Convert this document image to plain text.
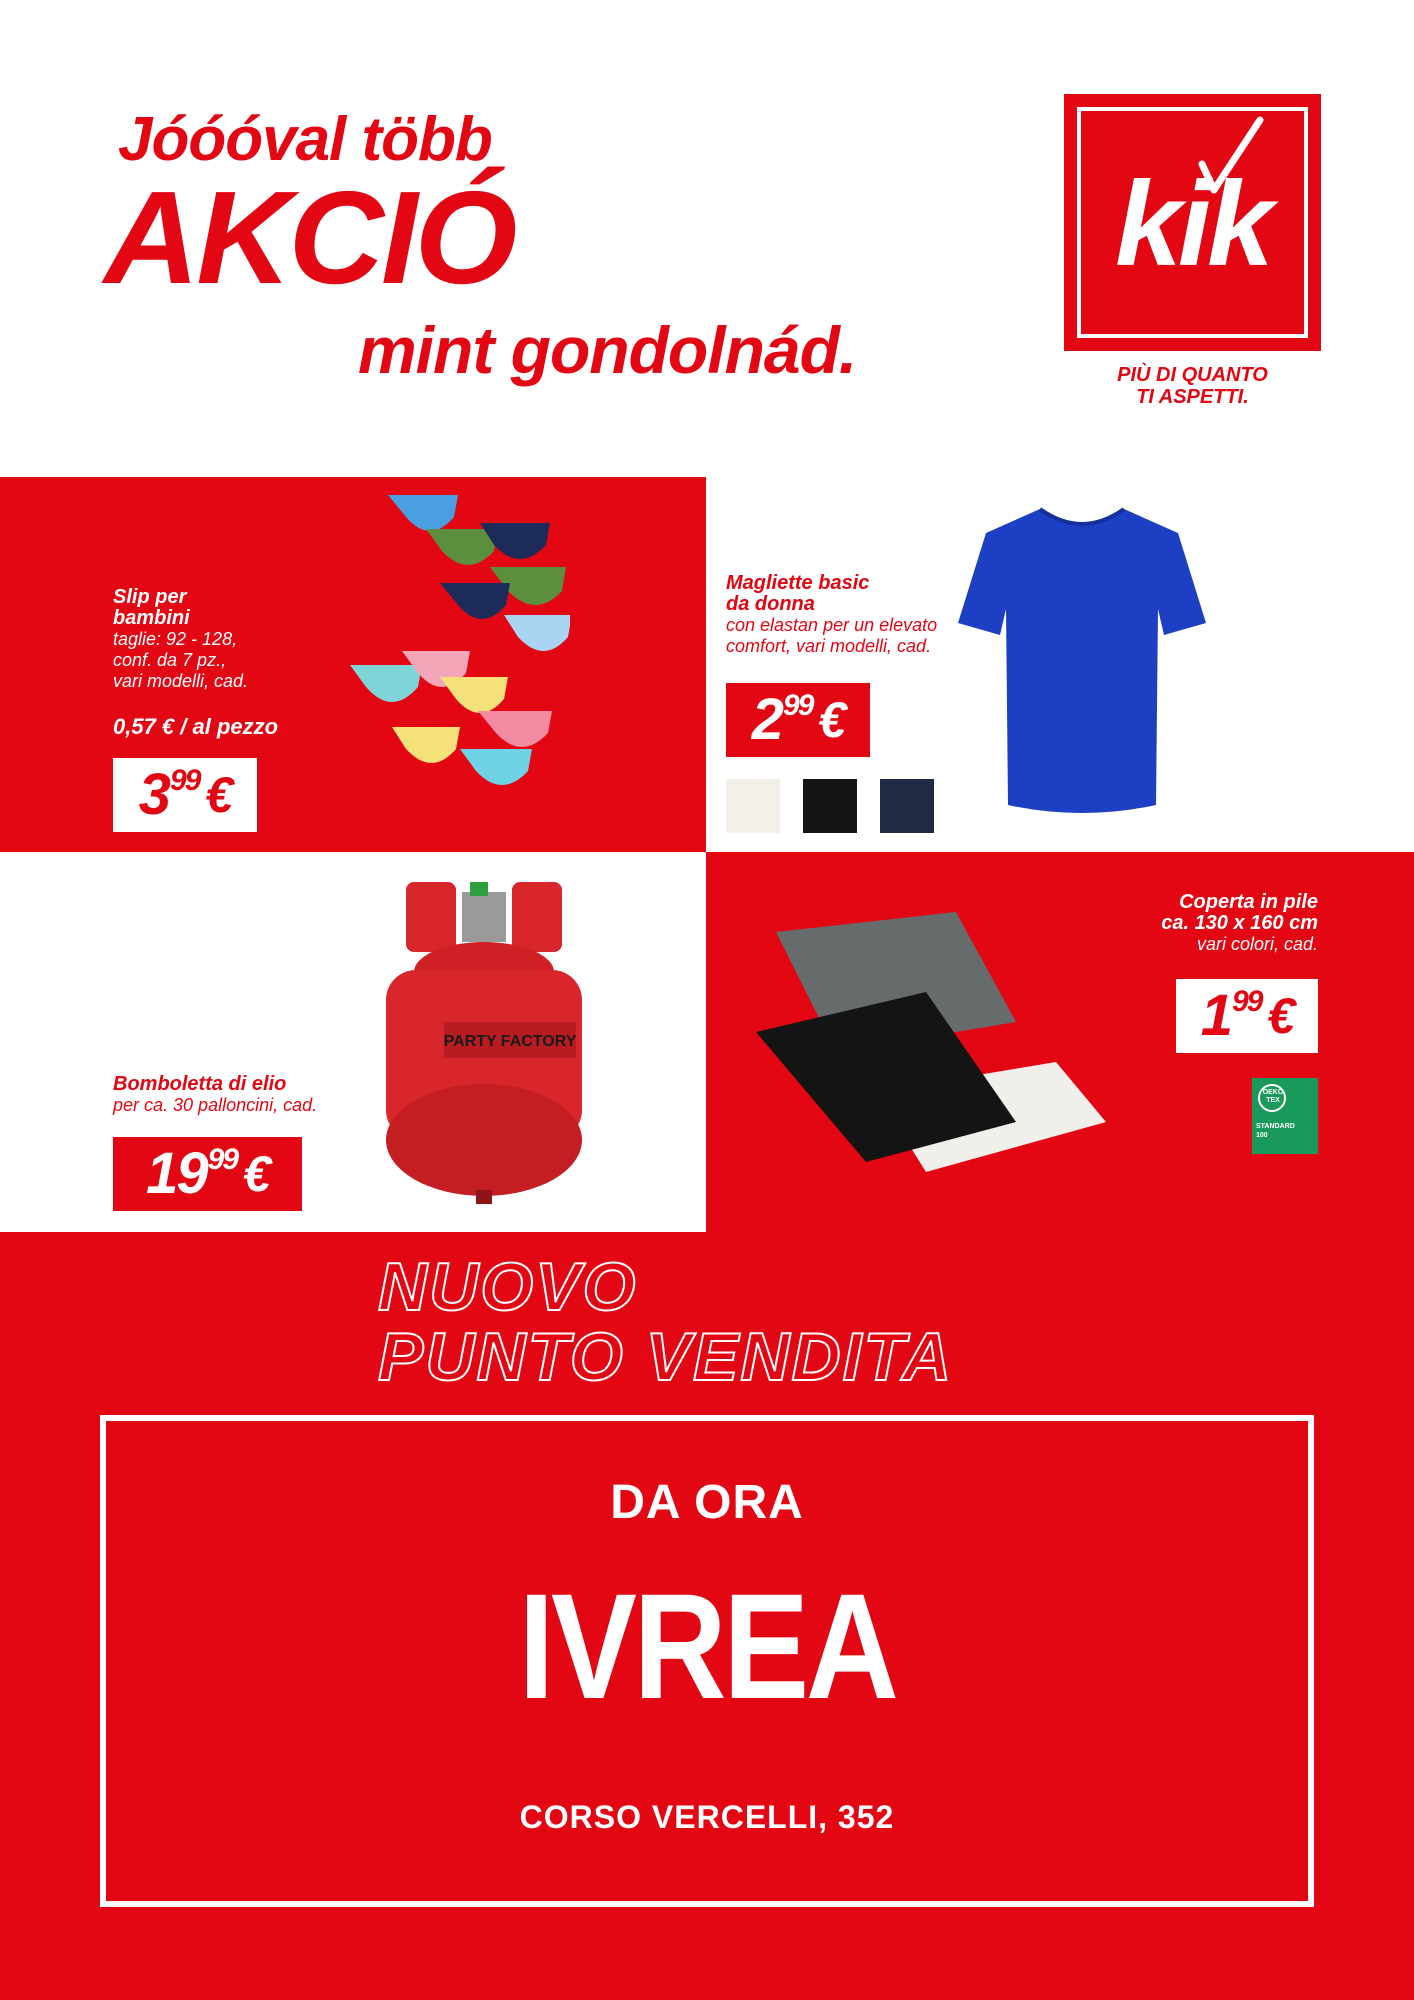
Jóóóval több
AKCIÓ
mint gondolnád.
kik
PIÙ DI QUANTO
TI ASPETTI.
Slip per
bambini
taglie: 92 - 128,
conf. da 7 pz.,
vari modelli, cad.
0,57 € / al pezzo
3 99 €
Magliette basic
da donna
con elastan per un elevato
comfort, vari modelli, cad.
2 99 €
Bomboletta di elio
per ca. 30 palloncini, cad.
19 99 €
PARTY FACTORY
Coperta in pile
ca. 130 x 160 cm
vari colori, cad.
1 99 €
OEKO
TEX
STANDARD
100
NUOVO
PUNTO VENDITA
DA ORA
IVREA
CORSO VERCELLI, 352
